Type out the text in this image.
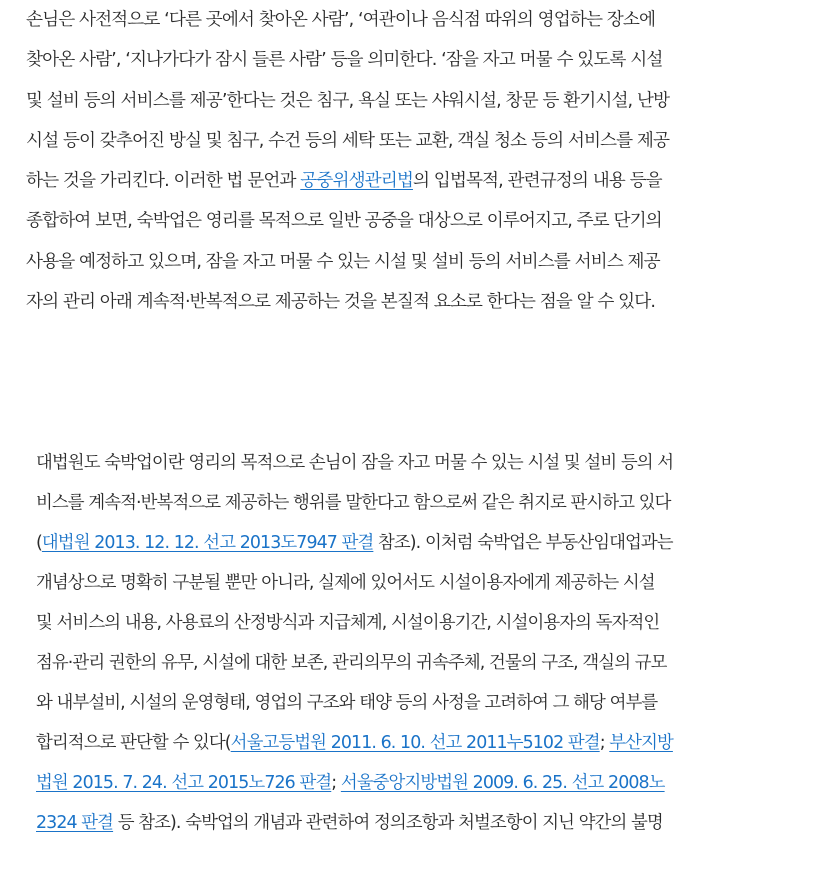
손님은 사전적으로 ‘다른 곳에서 찾아온 사람’, ‘여관이나 음식점 따위의 영업하는 장소에
찾아온 사람’, ‘지나가다가 잠시 들른 사람’ 등을 의미한다. ‘잠을 자고 머물 수 있도록 시설
및 설비 등의 서비스를 제공’한다는 것은 침구, 욕실 또는 샤워시설, 창문 등 환기시설, 난방
시설 등이 갖추어진 방실 및 침구, 수건 등의 세탁 또는 교환, 객실 청소 등의 서비스를 제공
하는 것을 가리킨다. 이러한 법 문언과 공중위생관리법의 입법목적, 관련규정의 내용 등을
종합하여 보면, 숙박업은 영리를 목적으로 일반 공중을 대상으로 이루어지고, 주로 단기의
사용을 예정하고 있으며, 잠을 자고 머물 수 있는 시설 및 설비 등의 서비스를 서비스 제공
자의 관리 아래 계속적·반복적으로 제공하는 것을 본질적 요소로 한다는 점을 알 수 있다.
대법원도 숙박업이란 영리의 목적으로 손님이 잠을 자고 머물 수 있는 시설 및 설비 등의 서
비스를 계속적·반복적으로 제공하는 행위를 말한다고 함으로써 같은 취지로 판시하고 있다
(대법원 2013. 12. 12. 선고 2013도7947 판결 참조). 이처럼 숙박업은 부동산임대업과는
개념상으로 명확히 구분될 뿐만 아니라, 실제에 있어서도 시설이용자에게 제공하는 시설
및 서비스의 내용, 사용료의 산정방식과 지급체계, 시설이용기간, 시설이용자의 독자적인
점유·관리 권한의 유무, 시설에 대한 보존, 관리의무의 귀속주체, 건물의 구조, 객실의 규모
와 내부설비, 시설의 운영형태, 영업의 구조와 태양 등의 사정을 고려하여 그 해당 여부를
합리적으로 판단할 수 있다(서울고등법원 2011. 6. 10. 선고 2011누5102 판결; 부산지방
법원 2015. 7. 24. 선고 2015노726 판결; 서울중앙지방법원 2009. 6. 25. 선고 2008노
2324 판결 등 참조). 숙박업의 개념과 관련하여 정의조항과 처벌조항이 지닌 약간의 불명
